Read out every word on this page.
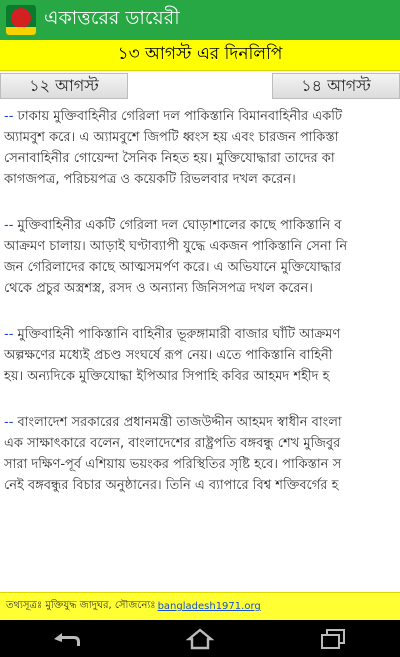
একাত্তরের ডায়েরী
১৩ আগস্ট এর দিনলিপি
১২ আগস্ট	১৪ আগস্ট
-- ঢাকায় মুক্তিবাহিনীর গেরিলা দল পাকিস্তানি বিমানবাহিনীর একটি
অ্যামবুশ করে। এ অ্যামবুশে জিপটি ধ্বংস হয় এবং চারজন পাকিস্তা
সেনাবাহিনীর গোয়েন্দা সৈনিক নিহত হয়। মুক্তিযোদ্ধারা তাদের কা
কাগজপত্র, পরিচয়পত্র ও কয়েকটি রিভলবার দখল করেন।
-- মুক্তিবাহিনীর একটি গেরিলা দল ঘোড়াশালের কাছে পাকিস্তানি ব
আক্রমণ চালায়। আড়াই ঘণ্টাব্যাপী যুদ্ধে একজন পাকিস্তানি সেনা নি
জন গেরিলাদের কাছে আত্মসমর্পণ করে। এ অভিযানে মুক্তিযোদ্ধার
থেকে প্রচুর অস্ত্রশস্ত্র, রসদ ও অন্যান্য জিনিসপত্র দখল করেন।
-- মুক্তিবাহিনী পাকিস্তানি বাহিনীর ভূরুঙ্গামারী বাজার ঘাঁটি আক্রমণ
অল্পক্ষণের মধ্যেই প্রচণ্ড সংঘর্ষে রূপ নেয়। এতে পাকিস্তানি বাহিনী
হয়। অন্যদিকে মুক্তিযোদ্ধা ইপিআর সিপাহি কবির আহমদ শহীদ হ
-- বাংলাদেশ সরকারের প্রধানমন্ত্রী তাজউদ্দীন আহমদ স্বাধীন বাংলা
এক সাক্ষাৎকারে বলেন, বাংলাদেশের রাষ্ট্রপতি বঙ্গবন্ধু শেখ মুজিবুর
সারা দক্ষিণ-পূর্ব এশিয়ায় ভয়ংকর পরিস্থিতির সৃষ্টি হবে। পাকিস্তান স
নেই বঙ্গবন্ধুর বিচার অনুষ্ঠানের। তিনি এ ব্যাপারে বিশ্ব শক্তিবর্গের হ
তথ্যসূত্রঃ মুক্তিযুদ্ধ জাদুঘর, সৌজন্যেঃ bangladesh1971.org
